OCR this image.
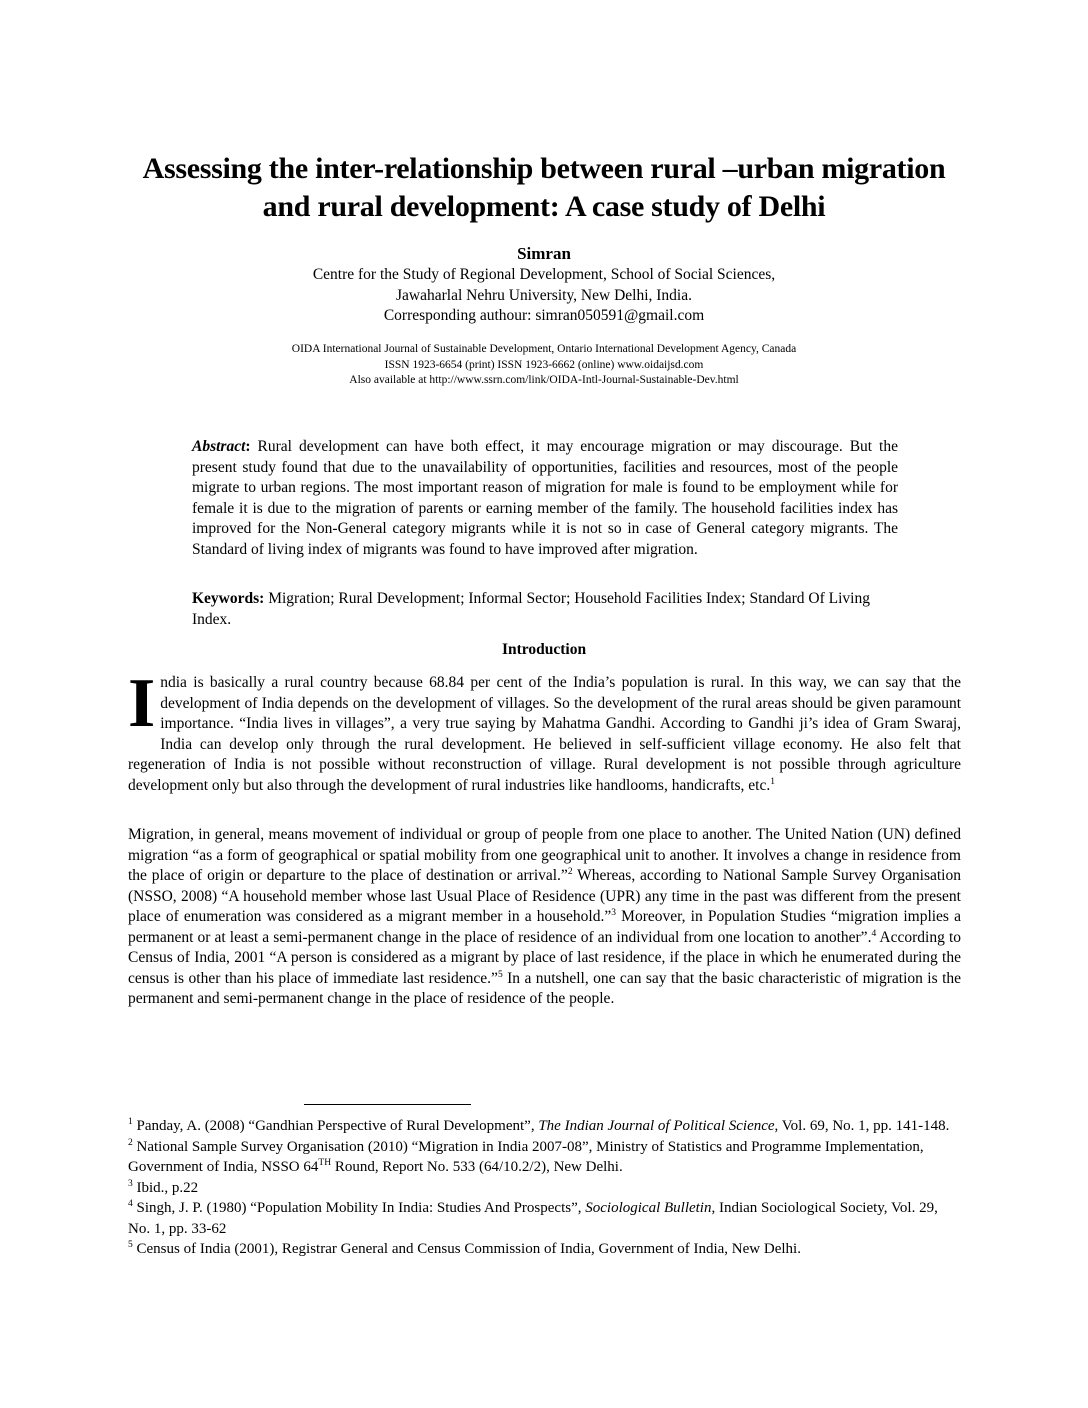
Assessing the inter-relationship between rural –urban migration and rural development: A case study of Delhi
Simran
Centre for the Study of Regional Development, School of Social Sciences,
Jawaharlal Nehru University, New Delhi, India.
Corresponding authour: simran050591@gmail.com
OIDA International Journal of Sustainable Development, Ontario International Development Agency, Canada
ISSN 1923-6654 (print) ISSN 1923-6662 (online) www.oidaijsd.com
Also available at http://www.ssrn.com/link/OIDA-Intl-Journal-Sustainable-Dev.html
Abstract: Rural development can have both effect, it may encourage migration or may discourage. But the present study found that due to the unavailability of opportunities, facilities and resources, most of the people migrate to urban regions. The most important reason of migration for male is found to be employment while for female it is due to the migration of parents or earning member of the family. The household facilities index has improved for the Non-General category migrants while it is not so in case of General category migrants. The Standard of living index of migrants was found to have improved after migration.
Keywords: Migration; Rural Development; Informal Sector; Household Facilities Index; Standard Of Living Index.
Introduction
India is basically a rural country because 68.84 per cent of the India’s population is rural. In this way, we can say that the development of India depends on the development of villages. So the development of the rural areas should be given paramount importance. “India lives in villages”, a very true saying by Mahatma Gandhi. According to Gandhi ji’s idea of Gram Swaraj, India can develop only through the rural development. He believed in self-sufficient village economy. He also felt that regeneration of India is not possible without reconstruction of village. Rural development is not possible through agriculture development only but also through the development of rural industries like handlooms, handicrafts, etc.$^1$
Migration, in general, means movement of individual or group of people from one place to another. The United Nation (UN) defined migration “as a form of geographical or spatial mobility from one geographical unit to another. It involves a change in residence from the place of origin or departure to the place of destination or arrival.”$^2$ Whereas, according to National Sample Survey Organisation (NSSO, 2008) “A household member whose last Usual Place of Residence (UPR) any time in the past was different from the present place of enumeration was considered as a migrant member in a household.”$^3$ Moreover, in Population Studies “migration implies a permanent or at least a semi-permanent change in the place of residence of an individual from one location to another”.$^4$ According to Census of India, 2001 “A person is considered as a migrant by place of last residence, if the place in which he enumerated during the census is other than his place of immediate last residence.”$^5$ In a nutshell, one can say that the basic characteristic of migration is the permanent and semi-permanent change in the place of residence of the people.

$^1$ Panday, A. (2008) “Gandhian Perspective of Rural Development”, The Indian Journal of Political Science, Vol. 69, No. 1, pp. 141-148.

$^2$ National Sample Survey Organisation (2010) “Migration in India 2007-08”, Ministry of Statistics and Programme Implementation, Government of India, NSSO 64TH Round, Report No. 533 (64/10.2/2), New Delhi.

$^3$ Ibid., p.22

$^4$ Singh, J. P. (1980) “Population Mobility In India: Studies And Prospects”, Sociological Bulletin, Indian Sociological Society, Vol. 29, No. 1, pp. 33-62

$^5$ Census of India (2001), Registrar General and Census Commission of India, Government of India, New Delhi.
